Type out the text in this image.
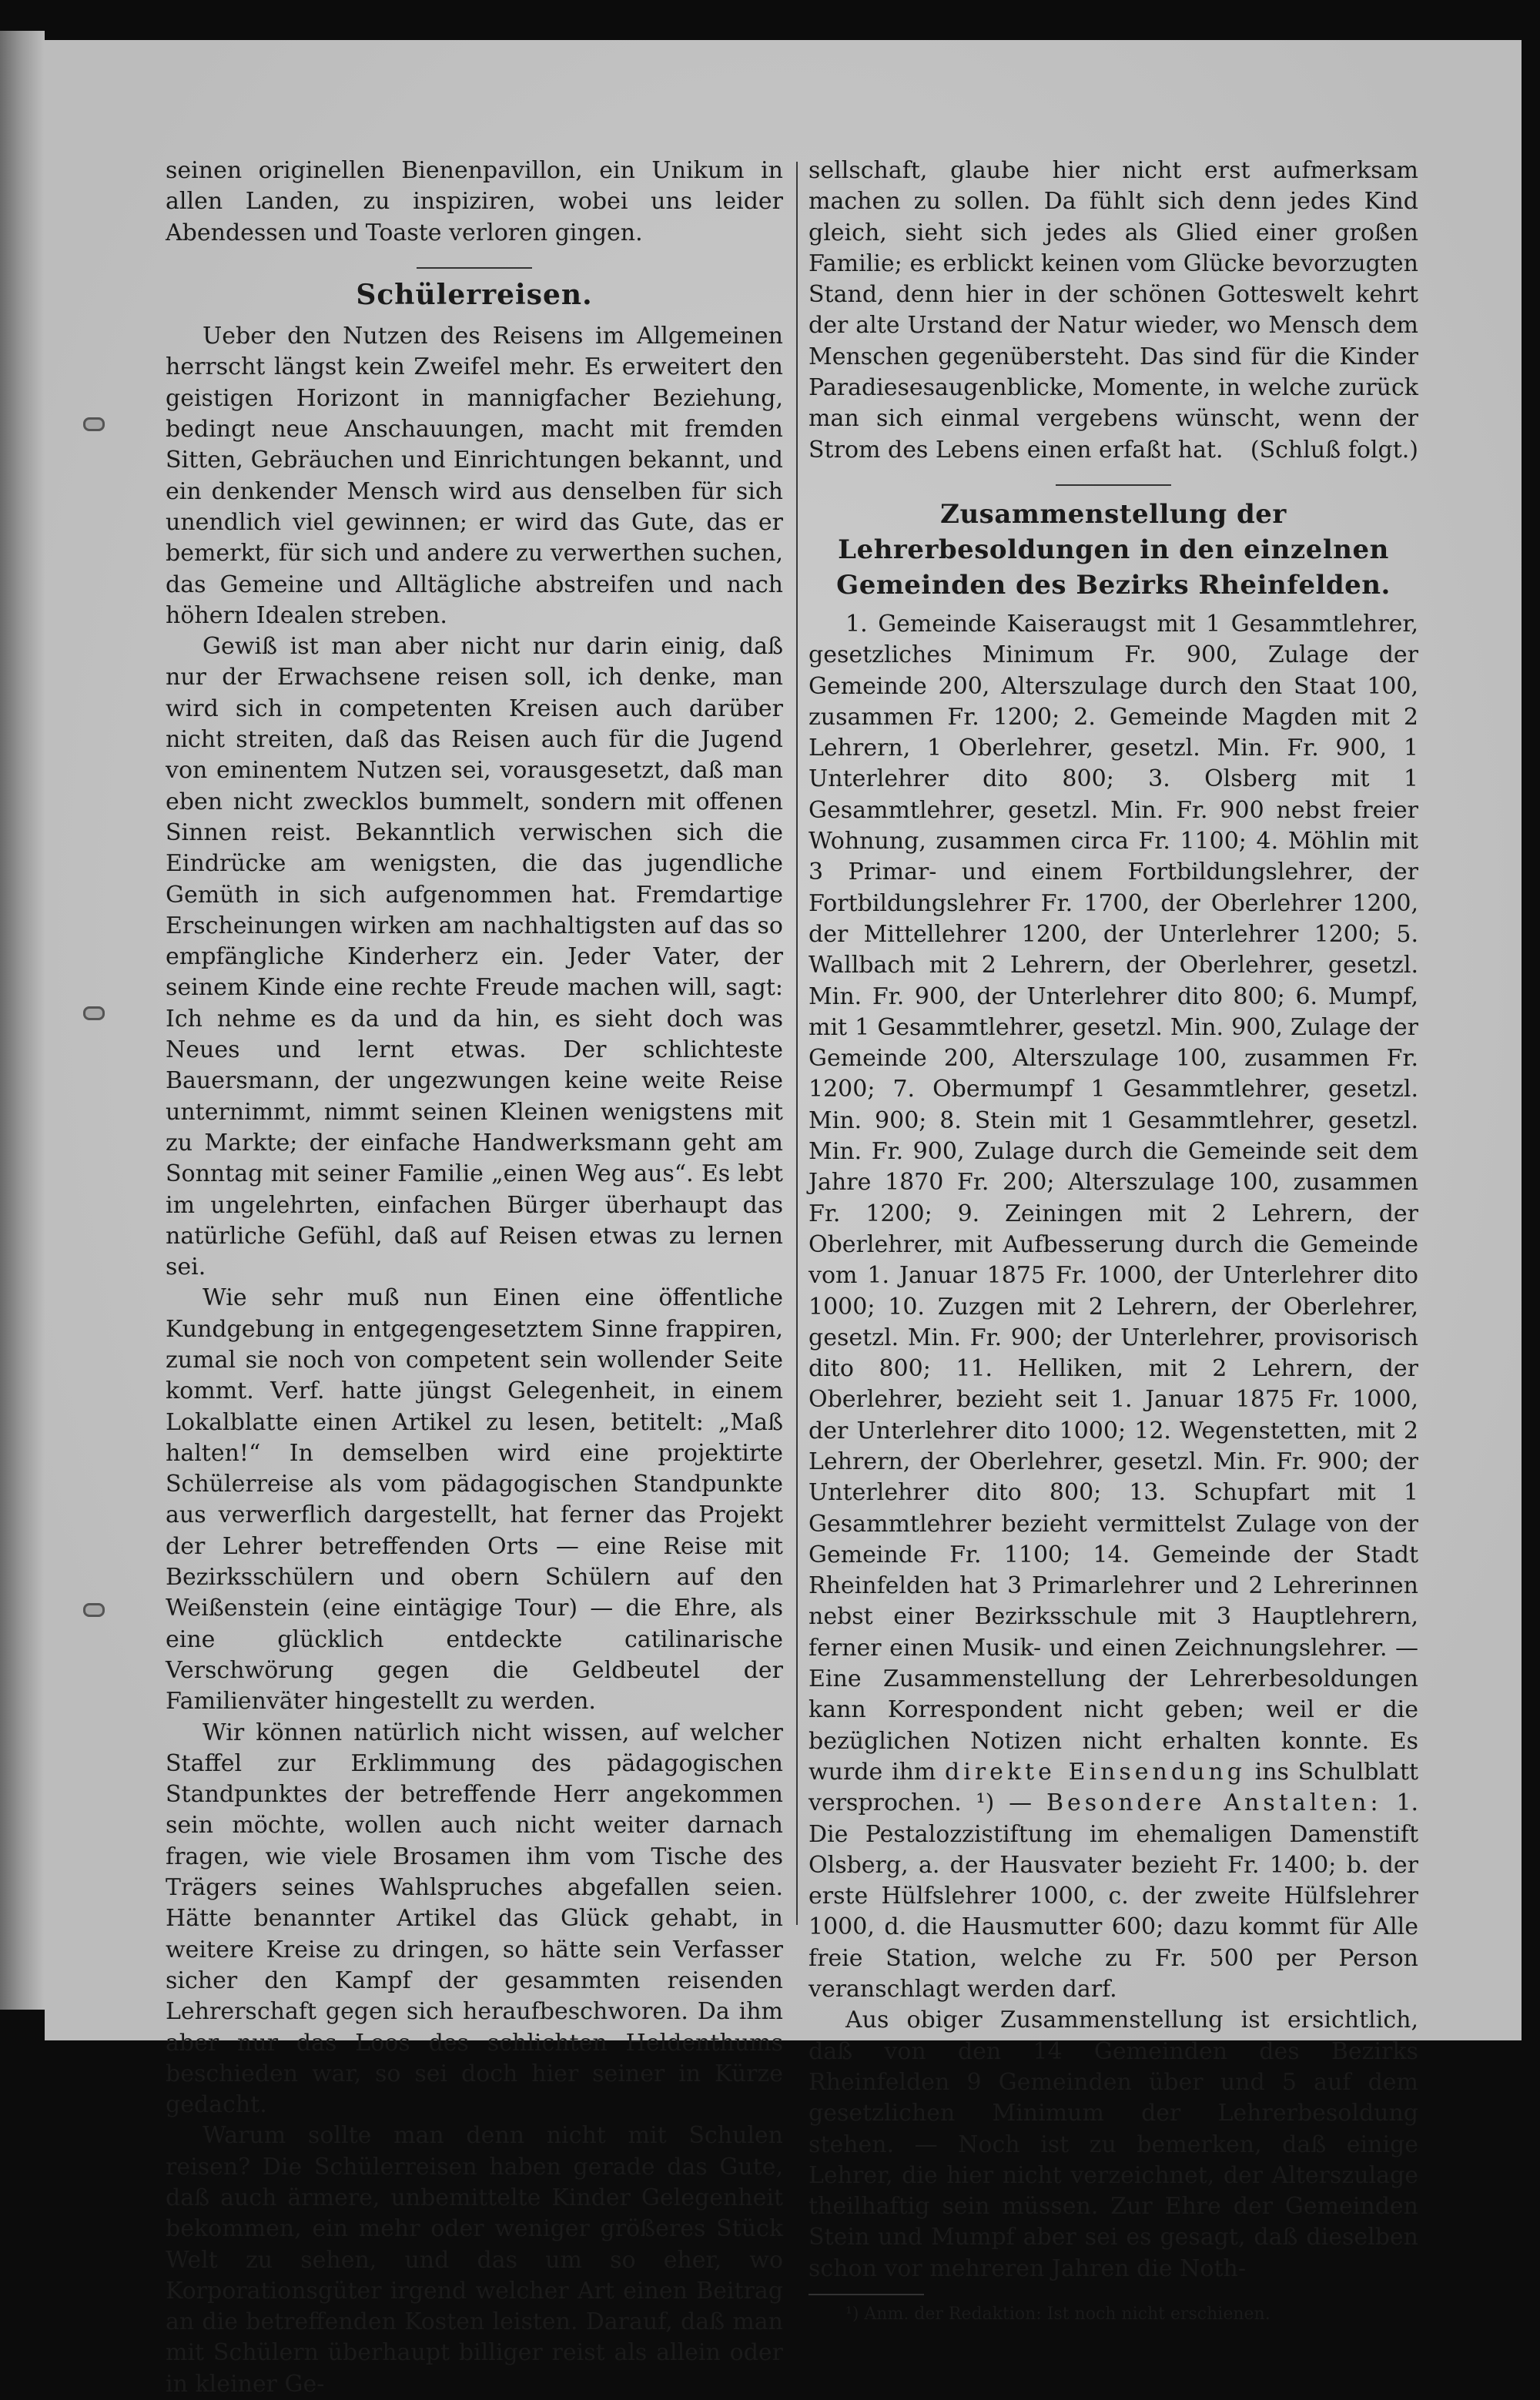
seinen originellen Bienenpavillon, ein Unikum in allen Landen, zu inspiziren, wobei uns leider Abendessen und Toaste verloren gingen.

Schülerreisen.

Ueber den Nutzen des Reisens im Allgemeinen herrscht längst kein Zweifel mehr. Es erweitert den geistigen Horizont in mannigfacher Beziehung, bedingt neue Anschauungen, macht mit fremden Sitten, Gebräuchen und Einrichtungen bekannt, und ein denkender Mensch wird aus denselben für sich unendlich viel gewinnen; er wird das Gute, das er bemerkt, für sich und andere zu verwerthen suchen, das Gemeine und Alltägliche abstreifen und nach höhern Idealen streben.

Gewiß ist man aber nicht nur darin einig, daß nur der Erwachsene reisen soll, ich denke, man wird sich in competenten Kreisen auch darüber nicht streiten, daß das Reisen auch für die Jugend von eminentem Nutzen sei, vorausgesetzt, daß man eben nicht zwecklos bummelt, sondern mit offenen Sinnen reist. Bekanntlich verwischen sich die Eindrücke am wenigsten, die das jugendliche Gemüth in sich aufgenommen hat. Fremdartige Erscheinungen wirken am nachhaltigsten auf das so empfängliche Kinderherz ein. Jeder Vater, der seinem Kinde eine rechte Freude machen will, sagt: Ich nehme es da und da hin, es sieht doch was Neues und lernt etwas. Der schlichteste Bauersmann, der ungezwungen keine weite Reise unternimmt, nimmt seinen Kleinen wenigstens mit zu Markte; der einfache Handwerksmann geht am Sonntag mit seiner Familie „einen Weg aus“. Es lebt im ungelehrten, einfachen Bürger überhaupt das natürliche Gefühl, daß auf Reisen etwas zu lernen sei.

Wie sehr muß nun Einen eine öffentliche Kundgebung in entgegengesetztem Sinne frappiren, zumal sie noch von competent sein wollender Seite kommt. Verf. hatte jüngst Gelegenheit, in einem Lokalblatte einen Artikel zu lesen, betitelt: „Maß halten!“ In demselben wird eine projektirte Schülerreise als vom pädagogischen Standpunkte aus verwerflich dargestellt, hat ferner das Projekt der Lehrer betreffenden Orts — eine Reise mit Bezirksschülern und obern Schülern auf den Weißenstein (eine eintägige Tour) — die Ehre, als eine glücklich entdeckte catilinarische Verschwörung gegen die Geldbeutel der Familienväter hingestellt zu werden.

Wir können natürlich nicht wissen, auf welcher Staffel zur Erklimmung des pädagogischen Standpunktes der betreffende Herr angekommen sein möchte, wollen auch nicht weiter darnach fragen, wie viele Brosamen ihm vom Tische des Trägers seines Wahlspruches abgefallen seien. Hätte benannter Artikel das Glück gehabt, in weitere Kreise zu dringen, so hätte sein Verfasser sicher den Kampf der gesammten reisenden Lehrerschaft gegen sich heraufbeschworen. Da ihm aber nur das Loos des schlichten Heldenthums beschieden war, so sei doch hier seiner in Kürze gedacht.

Warum sollte man denn nicht mit Schulen reisen? Die Schülerreisen haben gerade das Gute, daß auch ärmere, unbemittelte Kinder Gelegenheit bekommen, ein mehr oder weniger größeres Stück Welt zu sehen, und das um so eher, wo Korporationsgüter irgend welcher Art einen Beitrag an die betreffenden Kosten leisten. Darauf, daß man mit Schülern überhaupt billiger reist als allein oder in kleiner Ge-

sellschaft, glaube hier nicht erst aufmerksam machen zu sollen. Da fühlt sich denn jedes Kind gleich, sieht sich jedes als Glied einer großen Familie; es erblickt keinen vom Glücke bevorzugten Stand, denn hier in der schönen Gotteswelt kehrt der alte Urstand der Natur wieder, wo Mensch dem Menschen gegenübersteht. Das sind für die Kinder Paradiesesaugenblicke, Momente, in welche zurück man sich einmal vergebens wünscht, wenn der Strom des Lebens einen erfaßt hat. (Schluß folgt.)

Zusammenstellung der Lehrerbesoldungen in den einzelnen Gemeinden des Bezirks Rheinfelden.

1. Gemeinde Kaiseraugst mit 1 Gesammtlehrer, gesetzliches Minimum Fr. 900, Zulage der Gemeinde 200, Alterszulage durch den Staat 100, zusammen Fr. 1200; 2. Gemeinde Magden mit 2 Lehrern, 1 Oberlehrer, gesetzl. Min. Fr. 900, 1 Unterlehrer dito 800; 3. Olsberg mit 1 Gesammtlehrer, gesetzl. Min. Fr. 900 nebst freier Wohnung, zusammen circa Fr. 1100; 4. Möhlin mit 3 Primar- und einem Fortbildungslehrer, der Fortbildungslehrer Fr. 1700, der Oberlehrer 1200, der Mittellehrer 1200, der Unterlehrer 1200; 5. Wallbach mit 2 Lehrern, der Oberlehrer, gesetzl. Min. Fr. 900, der Unterlehrer dito 800; 6. Mumpf, mit 1 Gesammtlehrer, gesetzl. Min. 900, Zulage der Gemeinde 200, Alterszulage 100, zusammen Fr. 1200; 7. Obermumpf 1 Gesammtlehrer, gesetzl. Min. 900; 8. Stein mit 1 Gesammtlehrer, gesetzl. Min. Fr. 900, Zulage durch die Gemeinde seit dem Jahre 1870 Fr. 200; Alterszulage 100, zusammen Fr. 1200; 9. Zeiningen mit 2 Lehrern, der Oberlehrer, mit Aufbesserung durch die Gemeinde vom 1. Januar 1875 Fr. 1000, der Unterlehrer dito 1000; 10. Zuzgen mit 2 Lehrern, der Oberlehrer, gesetzl. Min. Fr. 900; der Unterlehrer, provisorisch dito 800; 11. Helliken, mit 2 Lehrern, der Oberlehrer, bezieht seit 1. Januar 1875 Fr. 1000, der Unterlehrer dito 1000; 12. Wegenstetten, mit 2 Lehrern, der Oberlehrer, gesetzl. Min. Fr. 900; der Unterlehrer dito 800; 13. Schupfart mit 1 Gesammtlehrer bezieht vermittelst Zulage von der Gemeinde Fr. 1100; 14. Gemeinde der Stadt Rheinfelden hat 3 Primarlehrer und 2 Lehrerinnen nebst einer Bezirksschule mit 3 Hauptlehrern, ferner einen Musik- und einen Zeichnungslehrer. — Eine Zusammenstellung der Lehrerbesoldungen kann Korrespondent nicht geben; weil er die bezüglichen Notizen nicht erhalten konnte. Es wurde ihm direkte Einsendung ins Schulblatt versprochen. ¹) — Besondere Anstalten: 1. Die Pestalozzistiftung im ehemaligen Damenstift Olsberg, a. der Hausvater bezieht Fr. 1400; b. der erste Hülfslehrer 1000, c. der zweite Hülfslehrer 1000, d. die Hausmutter 600; dazu kommt für Alle freie Station, welche zu Fr. 500 per Person veranschlagt werden darf.

Aus obiger Zusammenstellung ist ersichtlich, daß von den 14 Gemeinden des Bezirks Rheinfelden 9 Gemeinden über und 5 auf dem gesetzlichen Minimum der Lehrerbesoldung stehen. — Noch ist zu bemerken, daß einige Lehrer, die hier nicht verzeichnet, der Alterszulage theilhaftig sein müssen. Zur Ehre der Gemeinden Stein und Mumpf aber sei es gesagt, daß dieselben schon vor mehreren Jahren die Noth-

¹) Anm. der Redaktion: Ist noch nicht erschienen.
